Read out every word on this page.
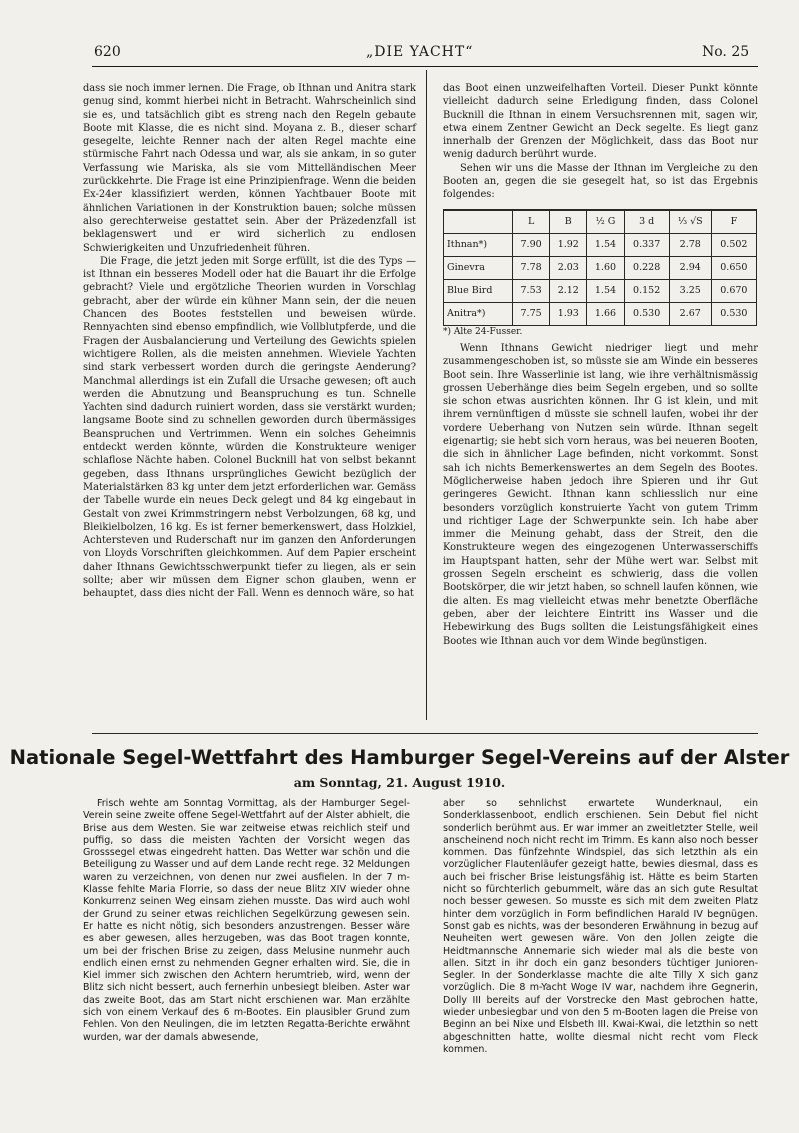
620	„DIE YACHT“	No. 25

dass sie noch immer lernen. Die Frage, ob Ithnan und Anitra stark genug sind, kommt hierbei nicht in Betracht. Wahrscheinlich sind sie es, und tatsächlich gibt es streng nach den Regeln gebaute Boote mit Klasse, die es nicht sind. Moyana z. B., dieser scharf gesegelte, leichte Renner nach der alten Regel machte eine stürmische Fahrt nach Odessa und war, als sie ankam, in so guter Verfassung wie Mariska, als sie vom Mittelländischen Meer zurückkehrte. Die Frage ist eine Prinzipienfrage. Wenn die beiden Ex-24er klassifiziert werden, können Yachtbauer Boote mit ähnlichen Variationen in der Konstruktion bauen; solche müssen also gerechterweise gestattet sein. Aber der Präzedenzfall ist beklagenswert und er wird sicherlich zu endlosen Schwierigkeiten und Unzufriedenheit führen.

Die Frage, die jetzt jeden mit Sorge erfüllt, ist die des Typs — ist Ithnan ein besseres Modell oder hat die Bauart ihr die Erfolge gebracht? Viele und ergötzliche Theorien wurden in Vorschlag gebracht, aber der würde ein kühner Mann sein, der die neuen Chancen des Bootes feststellen und beweisen würde. Rennyachten sind ebenso empfindlich, wie Vollblutpferde, und die Fragen der Ausbalancierung und Verteilung des Gewichts spielen wichtigere Rollen, als die meisten annehmen. Wieviele Yachten sind stark verbessert worden durch die geringste Aenderung? Manchmal allerdings ist ein Zufall die Ursache gewesen; oft auch werden die Abnutzung und Beanspruchung es tun. Schnelle Yachten sind dadurch ruiniert worden, dass sie verstärkt wurden; langsame Boote sind zu schnellen geworden durch übermässiges Beanspruchen und Vertrimmen. Wenn ein solches Geheimnis entdeckt werden könnte, würden die Konstrukteure weniger schlaflose Nächte haben. Colonel Bucknill hat von selbst bekannt gegeben, dass Ithnans ursprüngliches Gewicht bezüglich der Materialstärken 83 kg unter dem jetzt erforderlichen war. Gemäss der Tabelle wurde ein neues Deck gelegt und 84 kg eingebaut in Gestalt von zwei Krimmstringern nebst Verbolzungen, 68 kg, und Bleikielbolzen, 16 kg. Es ist ferner bemerkenswert, dass Holzkiel, Achtersteven und Ruderschaft nur im ganzen den Anforderungen von Lloyds Vorschriften gleichkommen. Auf dem Papier erscheint daher Ithnans Gewichtsschwerpunkt tiefer zu liegen, als er sein sollte; aber wir müssen dem Eigner schon glauben, wenn er behauptet, dass dies nicht der Fall. Wenn es dennoch wäre, so hat

das Boot einen unzweifelhaften Vorteil. Dieser Punkt könnte vielleicht dadurch seine Erledigung finden, dass Colonel Bucknill die Ithnan in einem Versuchsrennen mit, sagen wir, etwa einem Zentner Gewicht an Deck segelte. Es liegt ganz innerhalb der Grenzen der Möglichkeit, dass das Boot nur wenig dadurch berührt wurde.

Sehen wir uns die Masse der Ithnan im Vergleiche zu den Booten an, gegen die sie gesegelt hat, so ist das Ergebnis folgendes:

	L	B	½ G	3 d	⅓ √S	F
Ithnan*)	7.90	1.92	1.54	0.337	2.78	0.502
Ginevra	7.78	2.03	1.60	0.228	2.94	0.650
Blue Bird	7.53	2.12	1.54	0.152	3.25	0.670
Anitra*)	7.75	1.93	1.66	0.530	2.67	0.530

*) Alte 24-Fusser.

Wenn Ithnans Gewicht niedriger liegt und mehr zusammengeschoben ist, so müsste sie am Winde ein besseres Boot sein. Ihre Wasserlinie ist lang, wie ihre verhältnismässig grossen Ueberhänge dies beim Segeln ergeben, und so sollte sie schon etwas ausrichten können. Ihr G ist klein, und mit ihrem vernünftigen d müsste sie schnell laufen, wobei ihr der vordere Ueberhang von Nutzen sein würde. Ithnan segelt eigenartig; sie hebt sich vorn heraus, was bei neueren Booten, die sich in ähnlicher Lage befinden, nicht vorkommt. Sonst sah ich nichts Bemerkenswertes an dem Segeln des Bootes. Möglicherweise haben jedoch ihre Spieren und ihr Gut geringeres Gewicht. Ithnan kann schliesslich nur eine besonders vorzüglich konstruierte Yacht von gutem Trimm und richtiger Lage der Schwerpunkte sein. Ich habe aber immer die Meinung gehabt, dass der Streit, den die Konstrukteure wegen des eingezogenen Unterwasserschiffs im Hauptspant hatten, sehr der Mühe wert war. Selbst mit grossen Segeln erscheint es schwierig, dass die vollen Bootskörper, die wir jetzt haben, so schnell laufen können, wie die alten. Es mag vielleicht etwas mehr benetzte Oberfläche geben, aber der leichtere Eintritt ins Wasser und die Hebewirkung des Bugs sollten die Leistungsfähigkeit eines Bootes wie Ithnan auch vor dem Winde begünstigen.

Nationale Segel-Wettfahrt des Hamburger Segel-Vereins auf der Alster
am Sonntag, 21. August 1910.

Frisch wehte am Sonntag Vormittag, als der Hamburger Segel-Verein seine zweite offene Segel-Wettfahrt auf der Alster abhielt, die Brise aus dem Westen. Sie war zeitweise etwas reichlich steif und puffig, so dass die meisten Yachten der Vorsicht wegen das Grosssegel etwas eingedreht hatten. Das Wetter war schön und die Beteiligung zu Wasser und auf dem Lande recht rege. 32 Meldungen waren zu verzeichnen, von denen nur zwei ausfielen. In der 7 m-Klasse fehlte Maria Florrie, so dass der neue Blitz XIV wieder ohne Konkurrenz seinen Weg einsam ziehen musste. Das wird auch wohl der Grund zu seiner etwas reichlichen Segelkürzung gewesen sein. Er hatte es nicht nötig, sich besonders anzustrengen. Besser wäre es aber gewesen, alles herzugeben, was das Boot tragen konnte, um bei der frischen Brise zu zeigen, dass Melusine nunmehr auch endlich einen ernst zu nehmenden Gegner erhalten wird. Sie, die in Kiel immer sich zwischen den Achtern herumtrieb, wird, wenn der Blitz sich nicht bessert, auch fernerhin unbesiegt bleiben. Aster war das zweite Boot, das am Start nicht erschienen war. Man erzählte sich von einem Verkauf des 6 m-Bootes. Ein plausibler Grund zum Fehlen. Von den Neulingen, die im letzten Regatta-Berichte erwähnt wurden, war der damals abwesende,

aber so sehnlichst erwartete Wunderknaul, ein Sonderklassenboot, endlich erschienen. Sein Debut fiel nicht sonderlich berühmt aus. Er war immer an zweitletzter Stelle, weil anscheinend noch nicht recht im Trimm. Es kann also noch besser kommen. Das fünfzehnte Windspiel, das sich letzthin als ein vorzüglicher Flautenläufer gezeigt hatte, bewies diesmal, dass es auch bei frischer Brise leistungsfähig ist. Hätte es beim Starten nicht so fürchterlich gebummelt, wäre das an sich gute Resultat noch besser gewesen. So musste es sich mit dem zweiten Platz hinter dem vorzüglich in Form befindlichen Harald IV begnügen. Sonst gab es nichts, was der besonderen Erwähnung in bezug auf Neuheiten wert gewesen wäre. Von den Jollen zeigte die Heidtmannsche Annemarie sich wieder mal als die beste von allen. Sitzt in ihr doch ein ganz besonders tüchtiger Junioren-Segler. In der Sonderklasse machte die alte Tilly X sich ganz vorzüglich. Die 8 m-Yacht Woge IV war, nachdem ihre Gegnerin, Dolly III bereits auf der Vorstrecke den Mast gebrochen hatte, wieder unbesiegbar und von den 5 m-Booten lagen die Preise von Beginn an bei Nixe und Elsbeth III. Kwai-Kwai, die letzthin so nett abgeschnitten hatte, wollte diesmal nicht recht vom Fleck kommen.
